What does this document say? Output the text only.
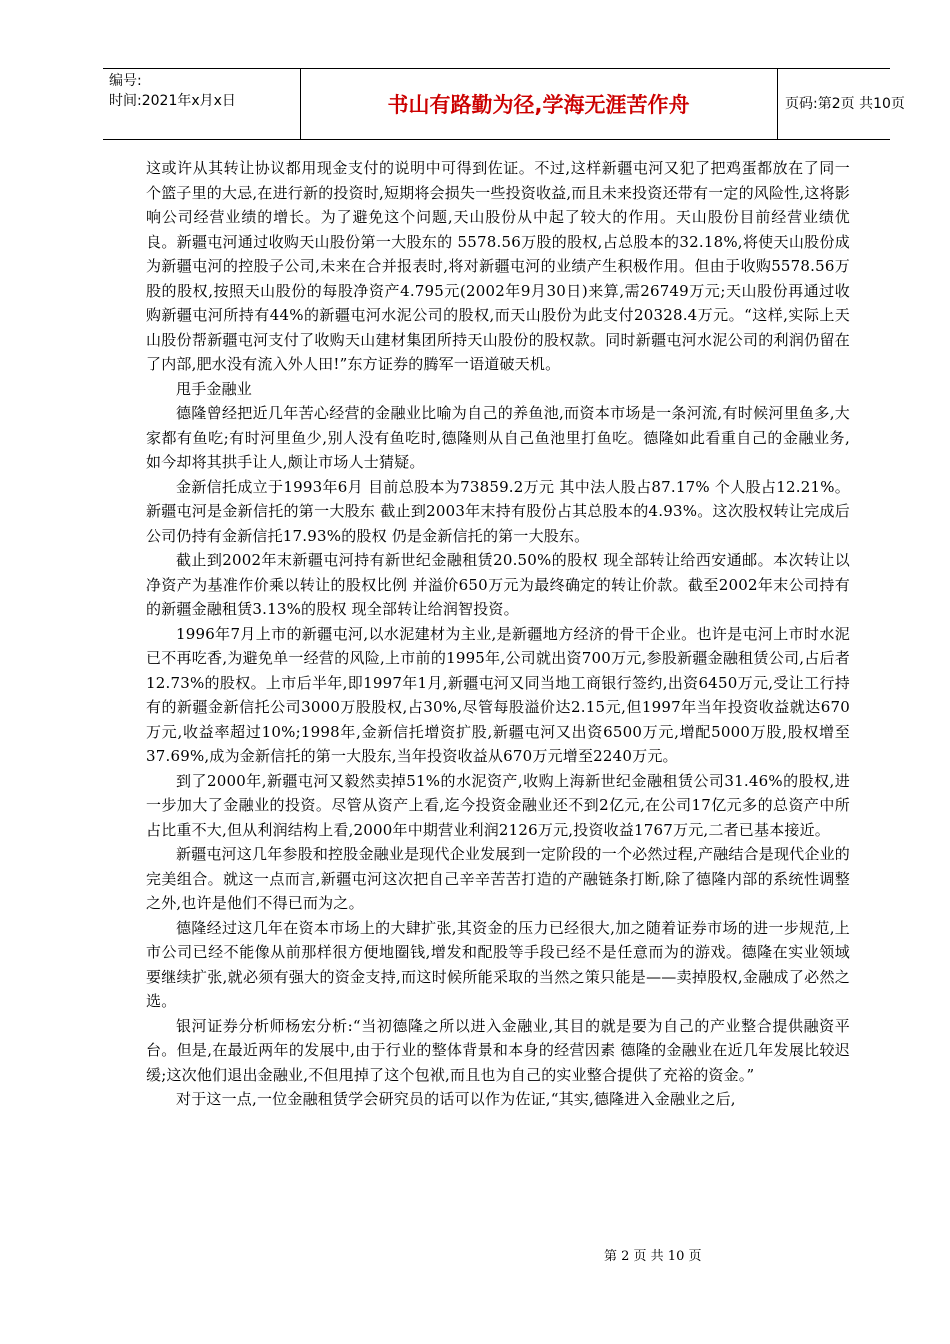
编号:
时间:2021年x月x日	书山有路勤为径,学海无涯苦作舟	页码:第2页 共10页

这或许从其转让协议都用现金支付的说明中可得到佐证。不过,这样新疆屯河又犯了把鸡蛋都放在了同一个篮子里的大忌,在进行新的投资时,短期将会损失一些投资收益,而且未来投资还带有一定的风险性,这将影响公司经营业绩的增长。为了避免这个问题,天山股份从中起了较大的作用。天山股份目前经营业绩优良。新疆屯河通过收购天山股份第一大股东的 5578.56万股的股权,占总股本的32.18%,将使天山股份成为新疆屯河的控股子公司,未来在合并报表时,将对新疆屯河的业绩产生积极作用。但由于收购5578.56万股的股权,按照天山股份的每股净资产4.795元(2002年9月30日)来算,需26749万元;天山股份再通过收购新疆屯河所持有44%的新疆屯河水泥公司的股权,而天山股份为此支付20328.4万元。“这样,实际上天山股份帮新疆屯河支付了收购天山建材集团所持天山股份的股权款。同时新疆屯河水泥公司的利润仍留在了内部,肥水没有流入外人田!”东方证券的腾军一语道破天机。

甩手金融业

德隆曾经把近几年苦心经营的金融业比喻为自己的养鱼池,而资本市场是一条河流,有时候河里鱼多,大家都有鱼吃;有时河里鱼少,别人没有鱼吃时,德隆则从自己鱼池里打鱼吃。德隆如此看重自己的金融业务,如今却将其拱手让人,颇让市场人士猜疑。

金新信托成立于1993年6月 目前总股本为73859.2万元 其中法人股占87.17% 个人股占12.21%。新疆屯河是金新信托的第一大股东 截止到2003年末持有股份占其总股本的4.93%。这次股权转让完成后公司仍持有金新信托17.93%的股权 仍是金新信托的第一大股东。

截止到2002年末新疆屯河持有新世纪金融租赁20.50%的股权 现全部转让给西安通邮。本次转让以净资产为基准作价乘以转让的股权比例 并溢价650万元为最终确定的转让价款。截至2002年末公司持有的新疆金融租赁3.13%的股权 现全部转让给润智投资。

1996年7月上市的新疆屯河,以水泥建材为主业,是新疆地方经济的骨干企业。也许是屯河上市时水泥已不再吃香,为避免单一经营的风险,上市前的1995年,公司就出资700万元,参股新疆金融租赁公司,占后者12.73%的股权。上市后半年,即1997年1月,新疆屯河又同当地工商银行签约,出资6450万元,受让工行持有的新疆金新信托公司3000万股股权,占30%,尽管每股溢价达2.15元,但1997年当年投资收益就达670万元,收益率超过10%;1998年,金新信托增资扩股,新疆屯河又出资6500万元,增配5000万股,股权增至37.69%,成为金新信托的第一大股东,当年投资收益从670万元增至2240万元。

到了2000年,新疆屯河又毅然卖掉51%的水泥资产,收购上海新世纪金融租赁公司31.46%的股权,进一步加大了金融业的投资。尽管从资产上看,迄今投资金融业还不到2亿元,在公司17亿元多的总资产中所占比重不大,但从利润结构上看,2000年中期营业利润2126万元,投资收益1767万元,二者已基本接近。

新疆屯河这几年参股和控股金融业是现代企业发展到一定阶段的一个必然过程,产融结合是现代企业的完美组合。就这一点而言,新疆屯河这次把自己辛辛苦苦打造的产融链条打断,除了德隆内部的系统性调整之外,也许是他们不得已而为之。

德隆经过这几年在资本市场上的大肆扩张,其资金的压力已经很大,加之随着证券市场的进一步规范,上市公司已经不能像从前那样很方便地圈钱,增发和配股等手段已经不是任意而为的游戏。德隆在实业领域要继续扩张,就必须有强大的资金支持,而这时候所能采取的当然之策只能是——卖掉股权,金融成了必然之选。

银河证券分析师杨宏分析:“当初德隆之所以进入金融业,其目的就是要为自己的产业整合提供融资平台。但是,在最近两年的发展中,由于行业的整体背景和本身的经营因素 德隆的金融业在近几年发展比较迟缓;这次他们退出金融业,不但甩掉了这个包袱,而且也为自己的实业整合提供了充裕的资金。”

对于这一点,一位金融租赁学会研究员的话可以作为佐证,“其实,德隆进入金融业之后,

第 2 页 共 10 页
